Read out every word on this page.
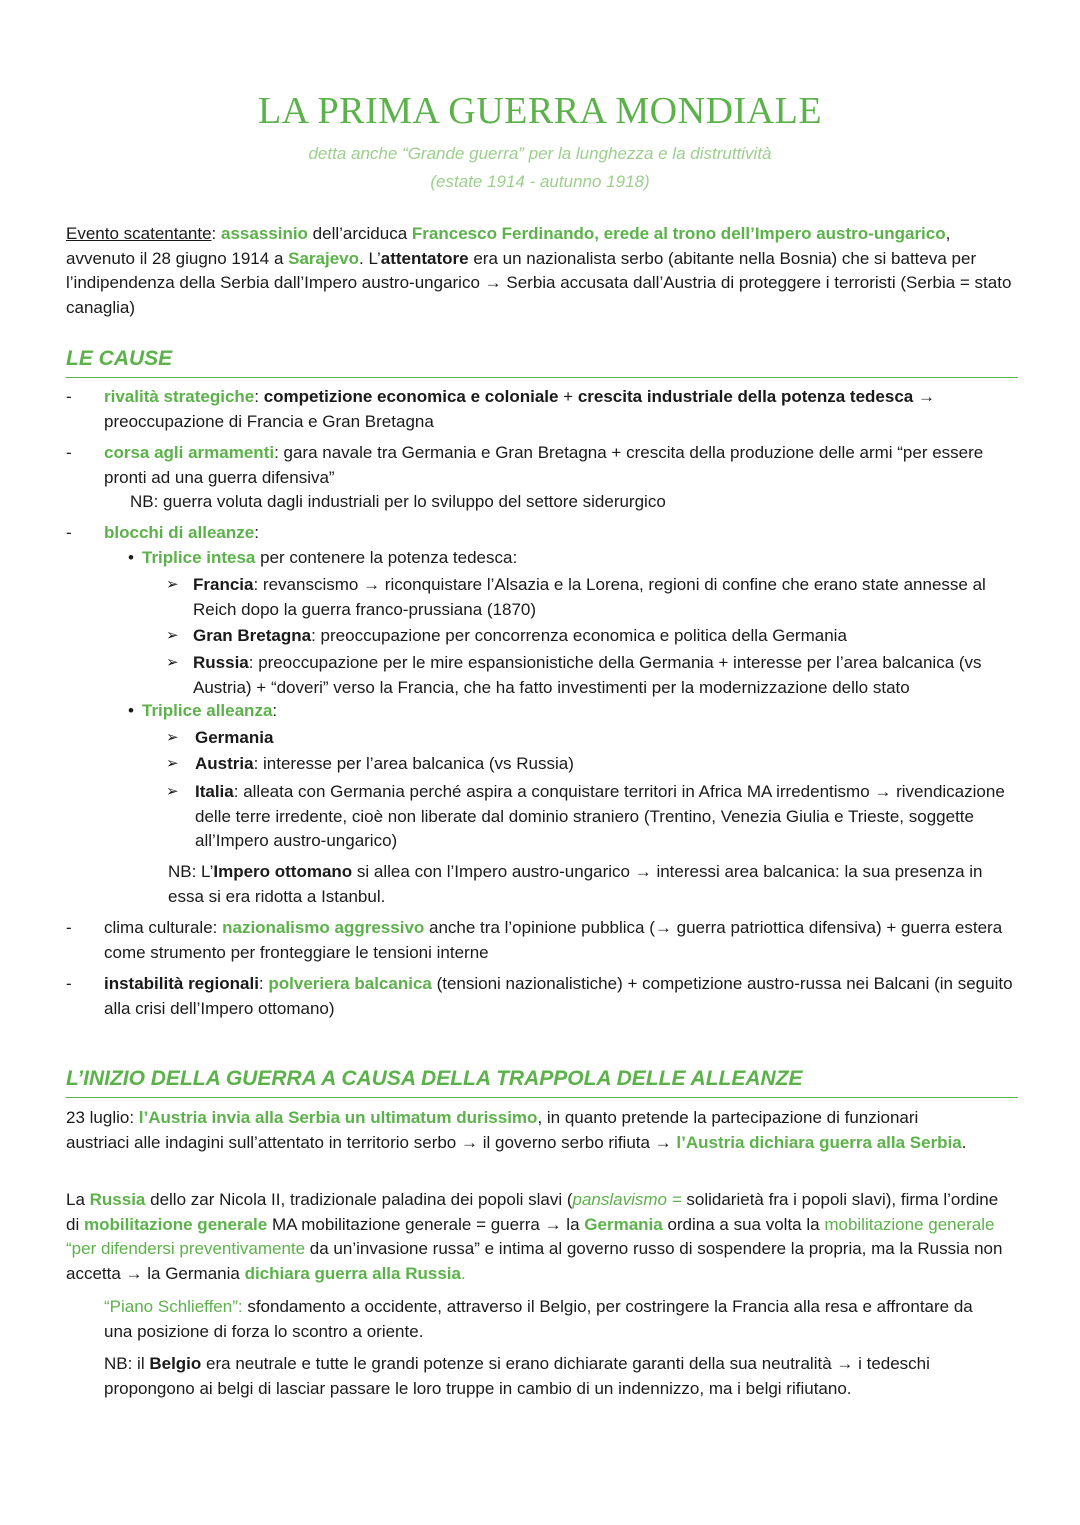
LA PRIMA GUERRA MONDIALE
detta anche “Grande guerra” per la lunghezza e la distruttività
(estate 1914 - autunno 1918)

Evento scatentante: assassinio dell’arciduca Francesco Ferdinando, erede al trono dell’Impero austro-ungarico, avvenuto il 28 giugno 1914 a Sarajevo. L’attentatore era un nazionalista serbo (abitante nella Bosnia) che si batteva per l’indipendenza della Serbia dall’Impero austro-ungarico → Serbia accusata dall’Austria di proteggere i terroristi (Serbia = stato canaglia)

LE CAUSE
- rivalità strategiche: competizione economica e coloniale + crescita industriale della potenza tedesca → preoccupazione di Francia e Gran Bretagna

- corsa agli armamenti: gara navale tra Germania e Gran Bretagna + crescita della produzione delle armi “per essere pronti ad una guerra difensiva”

NB: guerra voluta dagli industriali per lo sviluppo del settore siderurgico

- blocchi di alleanze:

• Triplice intesa per contenere la potenza tedesca:

➢ Francia: revanscismo → riconquistare l’Alsazia e la Lorena, regioni di confine che erano state annesse al Reich dopo la guerra franco-prussiana (1870)

➢ Gran Bretagna: preoccupazione per concorrenza economica e politica della Germania

➢ Russia: preoccupazione per le mire espansionistiche della Germania + interesse per l’area balcanica (vs Austria) + “doveri” verso la Francia, che ha fatto investimenti per la modernizzazione dello stato

• Triplice alleanza:

➢ Germania

➢ Austria: interesse per l’area balcanica (vs Russia)

➢ Italia: alleata con Germania perché aspira a conquistare territori in Africa MA irredentismo → rivendicazione delle terre irredente, cioè non liberate dal dominio straniero (Trentino, Venezia Giulia e Trieste, soggette all’Impero austro-ungarico)

NB: L’Impero ottomano si allea con l’Impero austro-ungarico → interessi area balcanica: la sua presenza in essa si era ridotta a Istanbul.

- clima culturale: nazionalismo aggressivo anche tra l’opinione pubblica (→ guerra patriottica difensiva) + guerra estera come strumento per fronteggiare le tensioni interne

- instabilità regionali: polveriera balcanica (tensioni nazionalistiche) + competizione austro-russa nei Balcani (in seguito alla crisi dell’Impero ottomano)

L’INIZIO DELLA GUERRA A CAUSA DELLA TRAPPOLA DELLE ALLEANZE

23 luglio: l’Austria invia alla Serbia un ultimatum durissimo, in quanto pretende la partecipazione di funzionari austriaci alle indagini sull’attentato in territorio serbo → il governo serbo rifiuta → l’Austria dichiara guerra alla Serbia.

La Russia dello zar Nicola II, tradizionale paladina dei popoli slavi (panslavismo = solidarietà fra i popoli slavi), firma l’ordine di mobilitazione generale MA mobilitazione generale = guerra → la Germania ordina a sua volta la mobilitazione generale “per difendersi preventivamente da un’invasione russa” e intima al governo russo di sospendere la propria, ma la Russia non accetta → la Germania dichiara guerra alla Russia.

“Piano Schlieffen”: sfondamento a occidente, attraverso il Belgio, per costringere la Francia alla resa e affrontare da una posizione di forza lo scontro a oriente.

NB: il Belgio era neutrale e tutte le grandi potenze si erano dichiarate garanti della sua neutralità → i tedeschi propongono ai belgi di lasciar passare le loro truppe in cambio di un indennizzo, ma i belgi rifiutano.
